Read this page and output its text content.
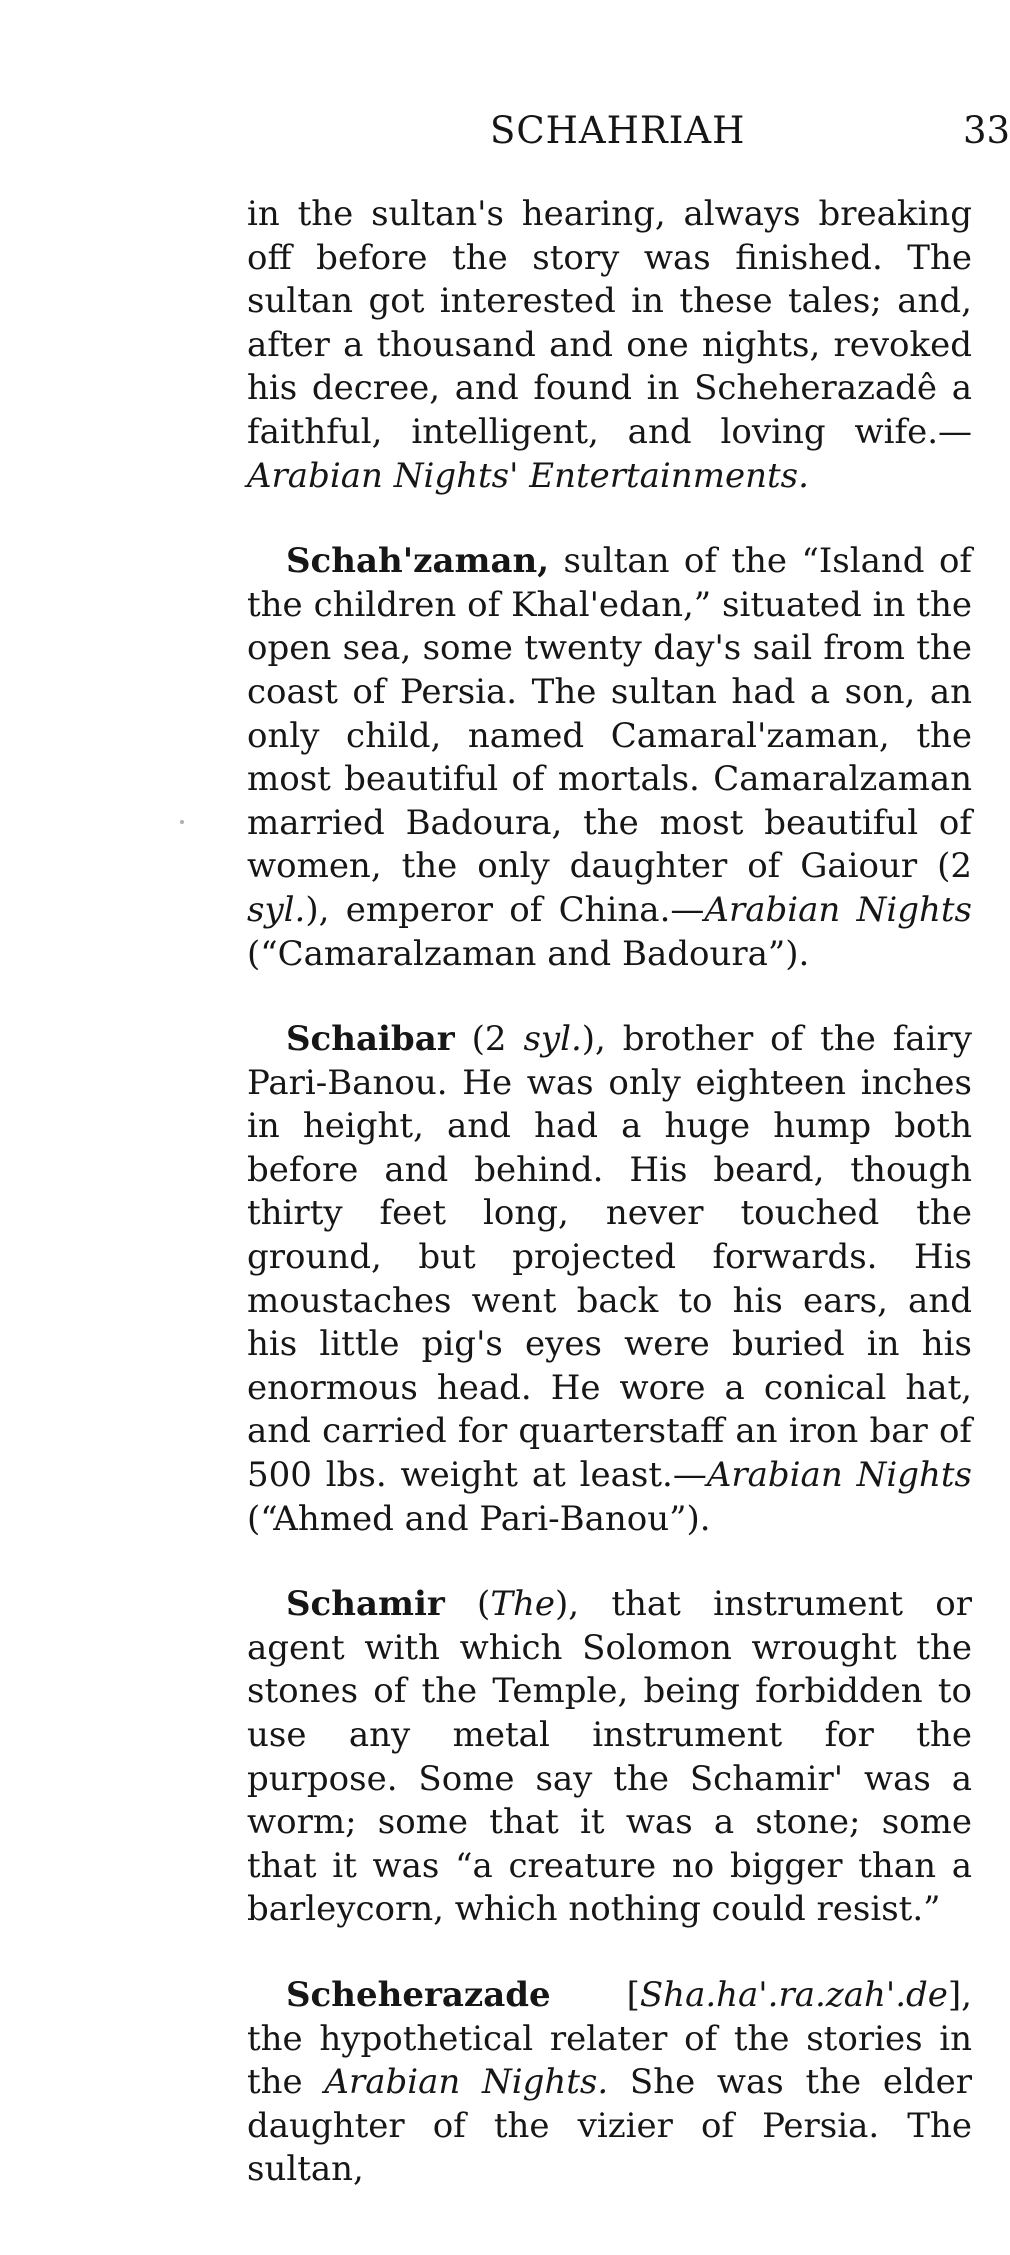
SCHAHRIAH	33

in the sultan's hearing, always breaking off before the story was finished. The sultan got interested in these tales; and, after a thousand and one nights, revoked his decree, and found in Scheherazadê a faithful, intelligent, and loving wife.—Arabian Nights' Entertainments.

Schah'zaman, sultan of the “Island of the children of Khal'edan,” situated in the open sea, some twenty day's sail from the coast of Persia. The sultan had a son, an only child, named Camaral'zaman, the most beautiful of mortals. Camaralzaman married Badoura, the most beautiful of women, the only daughter of Gaiour (2 syl.), emperor of China.—Arabian Nights (“Camaralzaman and Badoura”).

Schaibar (2 syl.), brother of the fairy Pari-Banou. He was only eighteen inches in height, and had a huge hump both before and behind. His beard, though thirty feet long, never touched the ground, but projected forwards. His moustaches went back to his ears, and his little pig's eyes were buried in his enormous head. He wore a conical hat, and carried for quarterstaff an iron bar of 500 lbs. weight at least.—Arabian Nights (“Ahmed and Pari-Banou”).

Schamir (The), that instrument or agent with which Solomon wrought the stones of the Temple, being forbidden to use any metal instrument for the purpose. Some say the Schamir' was a worm; some that it was a stone; some that it was “a creature no bigger than a barleycorn, which nothing could resist.”

Scheherazade [Sha.ha'.ra.zah'.de], the hypothetical relater of the stories in the Arabian Nights. She was the elder daughter of the vizier of Persia. The sultan,
